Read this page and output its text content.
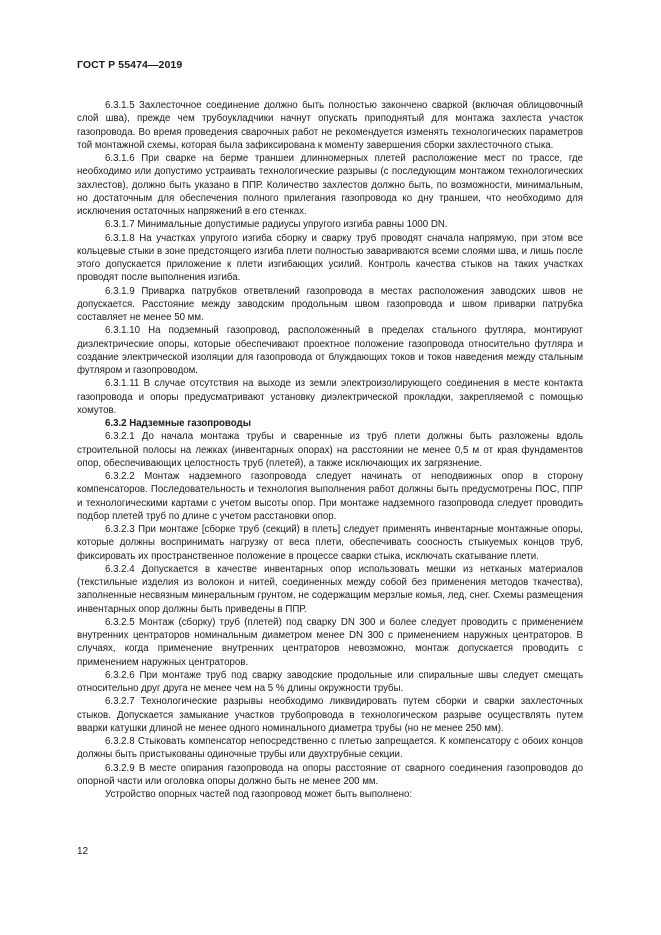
ГОСТ Р 55474—2019

6.3.1.5 Захлесточное соединение должно быть полностью закончено сваркой (включая облицовочный слой шва), прежде чем трубоукладчики начнут опускать приподнятый для монтажа захлеста участок газопровода. Во время проведения сварочных работ не рекомендуется изменять технологических параметров той монтажной схемы, которая была зафиксирована к моменту завершения сборки захлесточного стыка.

6.3.1.6 При сварке на берме траншеи длинномерных плетей расположение мест по трассе, где необходимо или допустимо устраивать технологические разрывы (с последующим монтажом технологических захлестов), должно быть указано в ППР. Количество захлестов должно быть, по возможности, минимальным, но достаточным для обеспечения полного прилегания газопровода ко дну траншеи, что необходимо для исключения остаточных напряжений в его стенках.

6.3.1.7 Минимальные допустимые радиусы упругого изгиба равны 1000 DN.

6.3.1.8 На участках упругого изгиба сборку и сварку труб проводят сначала напрямую, при этом все кольцевые стыки в зоне предстоящего изгиба плети полностью завариваются всеми слоями шва, и лишь после этого допускается приложение к плети изгибающих усилий. Контроль качества стыков на таких участках проводят после выполнения изгиба.

6.3.1.9 Приварка патрубков ответвлений газопровода в местах расположения заводских швов не допускается. Расстояние между заводским продольным швом газопровода и швом приварки патрубка составляет не менее 50 мм.

6.3.1.10 На подземный газопровод, расположенный в пределах стального футляра, монтируют диэлектрические опоры, которые обеспечивают проектное положение газопровода относительно футляра и создание электрической изоляции для газопровода от блуждающих токов и токов наведения между стальным футляром и газопроводом.

6.3.1.11 В случае отсутствия на выходе из земли электроизолирующего соединения в месте контакта газопровода и опоры предусматривают установку диэлектрической прокладки, закрепляемой с помощью хомутов.

6.3.2 Надземные газопроводы

6.3.2.1 До начала монтажа трубы и сваренные из труб плети должны быть разложены вдоль строительной полосы на лежках (инвентарных опорах) на расстоянии не менее 0,5 м от края фундаментов опор, обеспечивающих целостность труб (плетей), а также исключающих их загрязнение.

6.3.2.2 Монтаж надземного газопровода следует начинать от неподвижных опор в сторону компенсаторов. Последовательность и технология выполнения работ должны быть предусмотрены ПОС, ППР и технологическими картами с учетом высоты опор. При монтаже надземного газопровода следует проводить подбор плетей труб по длине с учетом расстановки опор.

6.3.2.3 При монтаже [сборке труб (секций) в плеть] следует применять инвентарные монтажные опоры, которые должны воспринимать нагрузку от веса плети, обеспечивать соосность стыкуемых концов труб, фиксировать их пространственное положение в процессе сварки стыка, исключать скатывание плети.

6.3.2.4 Допускается в качестве инвентарных опор использовать мешки из нетканых материалов (текстильные изделия из волокон и нитей, соединенных между собой без применения методов ткачества), заполненные несвязным минеральным грунтом, не содержащим мерзлые комья, лед, снег. Схемы размещения инвентарных опор должны быть приведены в ППР.

6.3.2.5 Монтаж (сборку) труб (плетей) под сварку DN 300 и более следует проводить с применением внутренних центраторов номинальным диаметром менее DN 300 с применением наружных центраторов. В случаях, когда применение внутренних центраторов невозможно, монтаж допускается проводить с применением наружных центраторов.

6.3.2.6 При монтаже труб под сварку заводские продольные или спиральные швы следует смещать относительно друг друга не менее чем на 5 % длины окружности трубы.

6.3.2.7 Технологические разрывы необходимо ликвидировать путем сборки и сварки захлесточных стыков. Допускается замыкание участков трубопровода в технологическом разрыве осуществлять путем вварки катушки длиной не менее одного номинального диаметра трубы (но не менее 250 мм).

6.3.2.8 Стыковать компенсатор непосредственно с плетью запрещается. К компенсатору с обоих концов должны быть пристыкованы одиночные трубы или двухтрубные секции.

6.3.2.9 В месте опирания газопровода на опоры расстояние от сварного соединения газопроводов до опорной части или оголовка опоры должно быть не менее 200 мм.

Устройство опорных частей под газопровод может быть выполнено:

12
